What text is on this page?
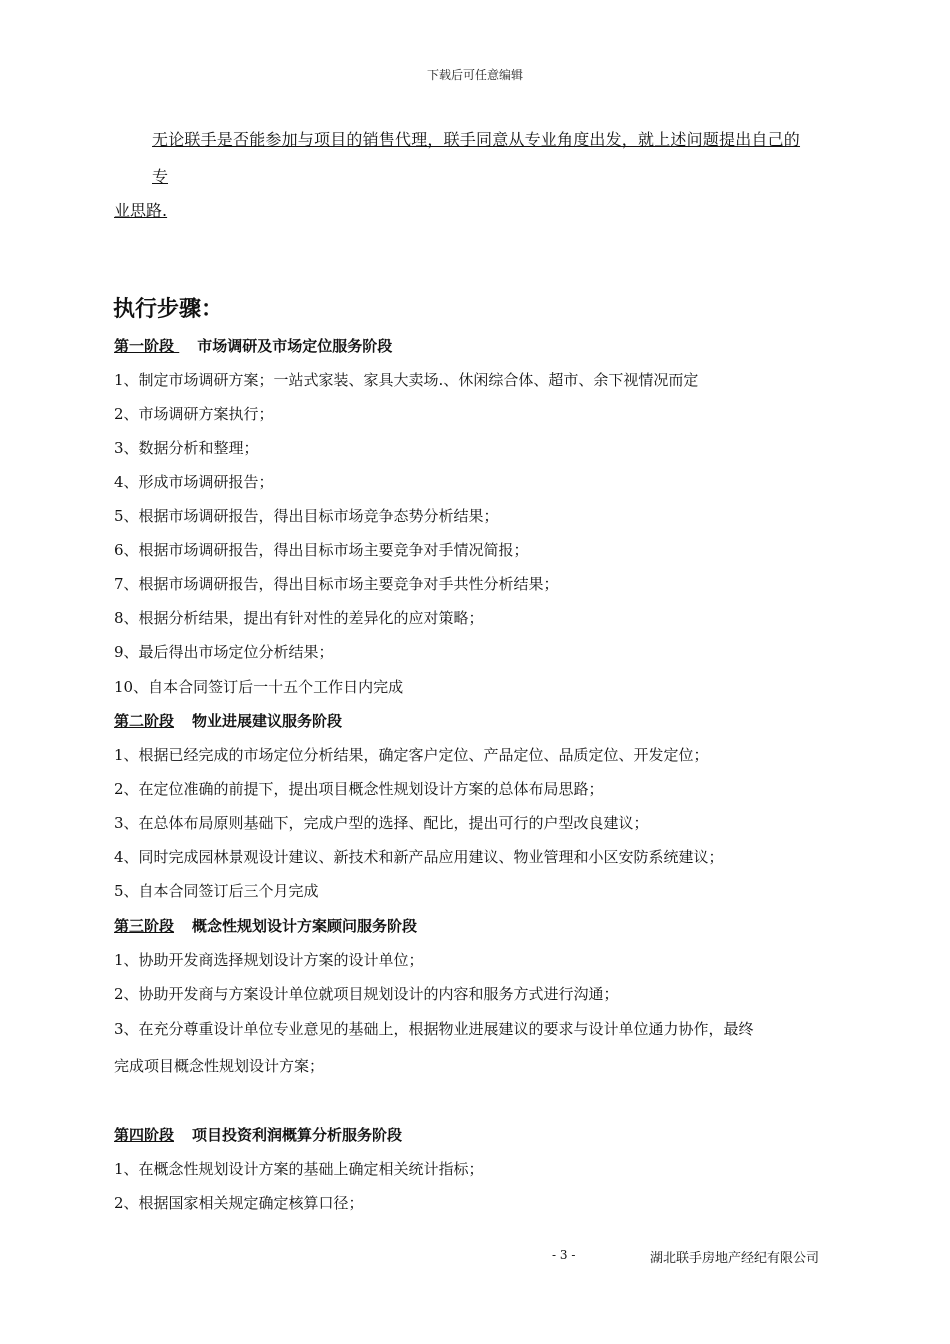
下载后可任意编辑
无论联手是否能参加与项目的销售代理，联手同意从专业角度出发，就上述问题提出自己的
专
业思路.
执行步骤：
第一阶段 市场调研及市场定位服务阶段
1、制定市场调研方案；一站式家装、家具大卖场.、休闲综合体、超市、余下视情况而定
2、市场调研方案执行；
3、数据分析和整理；
4、形成市场调研报告；
5、根据市场调研报告，得出目标市场竞争态势分析结果；
6、根据市场调研报告，得出目标市场主要竞争对手情况简报；
7、根据市场调研报告，得出目标市场主要竞争对手共性分析结果；
8、根据分析结果，提出有针对性的差异化的应对策略；
9、最后得出市场定位分析结果；
10、自本合同签订后一十五个工作日内完成
第二阶段 物业进展建议服务阶段
1、根据已经完成的市场定位分析结果，确定客户定位、产品定位、品质定位、开发定位；
2、在定位准确的前提下，提出项目概念性规划设计方案的总体布局思路；
3、在总体布局原则基础下，完成户型的选择、配比，提出可行的户型改良建议；
4、同时完成园林景观设计建议、新技术和新产品应用建议、物业管理和小区安防系统建议；
5、自本合同签订后三个月完成
第三阶段 概念性规划设计方案顾问服务阶段
1、协助开发商选择规划设计方案的设计单位；
2、协助开发商与方案设计单位就项目规划设计的内容和服务方式进行沟通；
3、在充分尊重设计单位专业意见的基础上，根据物业进展建议的要求与设计单位通力协作，最终
完成项目概念性规划设计方案；
第四阶段 项目投资利润概算分析服务阶段
1、在概念性规划设计方案的基础上确定相关统计指标；
2、根据国家相关规定确定核算口径；
- 3 -	湖北联手房地产经纪有限公司
